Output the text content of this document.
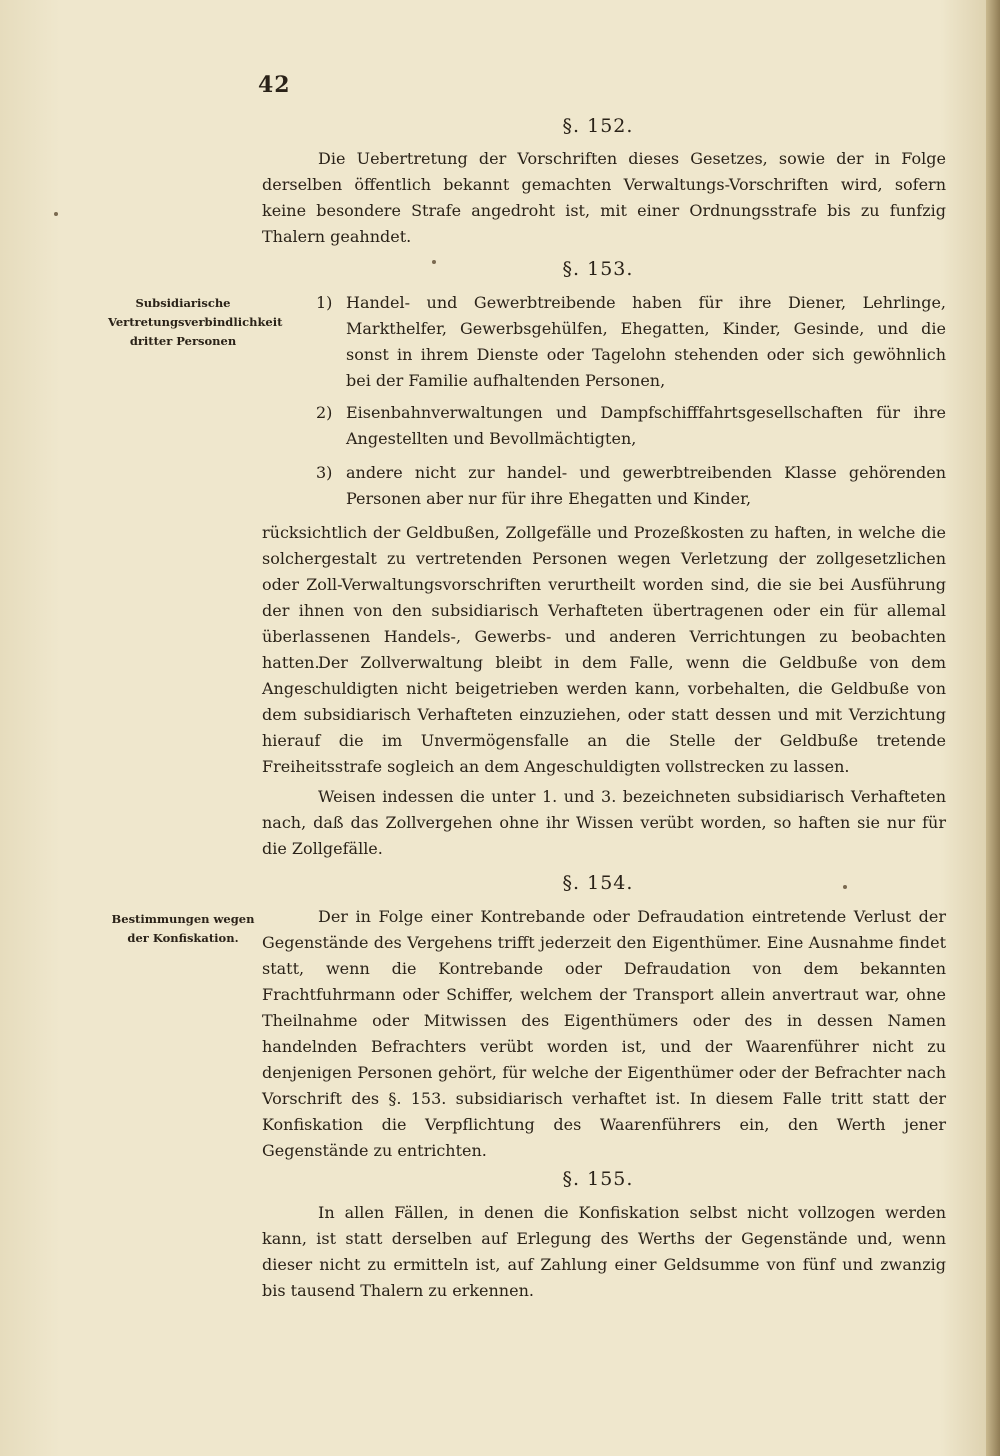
42
§. 152.
Die Uebertretung der Vorschriften dieses Gesetzes, sowie der in Folge derselben öffentlich bekannt gemachten Verwaltungs-Vorschriften wird, sofern keine besondere Strafe angedroht ist, mit einer Ordnungsstrafe bis zu funfzig Thalern geahndet.
§. 153.
Subsidiarische Vertretungsverbindlichkeit dritter Personen
1) Handel- und Gewerbtreibende haben für ihre Diener, Lehrlinge, Markthelfer, Gewerbsgehülfen, Ehegatten, Kinder, Gesinde, und die sonst in ihrem Dienste oder Tagelohn stehenden oder sich gewöhnlich bei der Familie aufhaltenden Personen,
2) Eisenbahnverwaltungen und Dampfschifffahrtsgesellschaften für ihre Angestellten und Bevollmächtigten,
3) andere nicht zur handel- und gewerbtreibenden Klasse gehörenden Personen aber nur für ihre Ehegatten und Kinder,
rücksichtlich der Geldbußen, Zollgefälle und Prozeßkosten zu haften, in welche die solchergestalt zu vertretenden Personen wegen Verletzung der zollgesetzlichen oder Zoll-Verwaltungsvorschriften verurtheilt worden sind, die sie bei Ausführung der ihnen von den subsidiarisch Verhafteten übertragenen oder ein für allemal überlassenen Handels-, Gewerbs- und anderen Verrichtungen zu beobachten hatten.
Der Zollverwaltung bleibt in dem Falle, wenn die Geldbuße von dem Angeschuldigten nicht beigetrieben werden kann, vorbehalten, die Geldbuße von dem subsidiarisch Verhafteten einzuziehen, oder statt dessen und mit Verzichtung hierauf die im Unvermögensfalle an die Stelle der Geldbuße tretende Freiheitsstrafe sogleich an dem Angeschuldigten vollstrecken zu lassen.
Weisen indessen die unter 1. und 3. bezeichneten subsidiarisch Verhafteten nach, daß das Zollvergehen ohne ihr Wissen verübt worden, so haften sie nur für die Zollgefälle.
§. 154.
Bestimmungen wegen der Konfiskation.
Der in Folge einer Kontrebande oder Defraudation eintretende Verlust der Gegenstände des Vergehens trifft jederzeit den Eigenthümer. Eine Ausnahme findet statt, wenn die Kontrebande oder Defraudation von dem bekannten Frachtfuhrmann oder Schiffer, welchem der Transport allein anvertraut war, ohne Theilnahme oder Mitwissen des Eigenthümers oder des in dessen Namen handelnden Befrachters verübt worden ist, und der Waarenführer nicht zu denjenigen Personen gehört, für welche der Eigenthümer oder der Befrachter nach Vorschrift des §. 153. subsidiarisch verhaftet ist. In diesem Falle tritt statt der Konfiskation die Verpflichtung des Waarenführers ein, den Werth jener Gegenstände zu entrichten.
§. 155.
In allen Fällen, in denen die Konfiskation selbst nicht vollzogen werden kann, ist statt derselben auf Erlegung des Werths der Gegenstände und, wenn dieser nicht zu ermitteln ist, auf Zahlung einer Geldsumme von fünf und zwanzig bis tausend Thalern zu erkennen.
